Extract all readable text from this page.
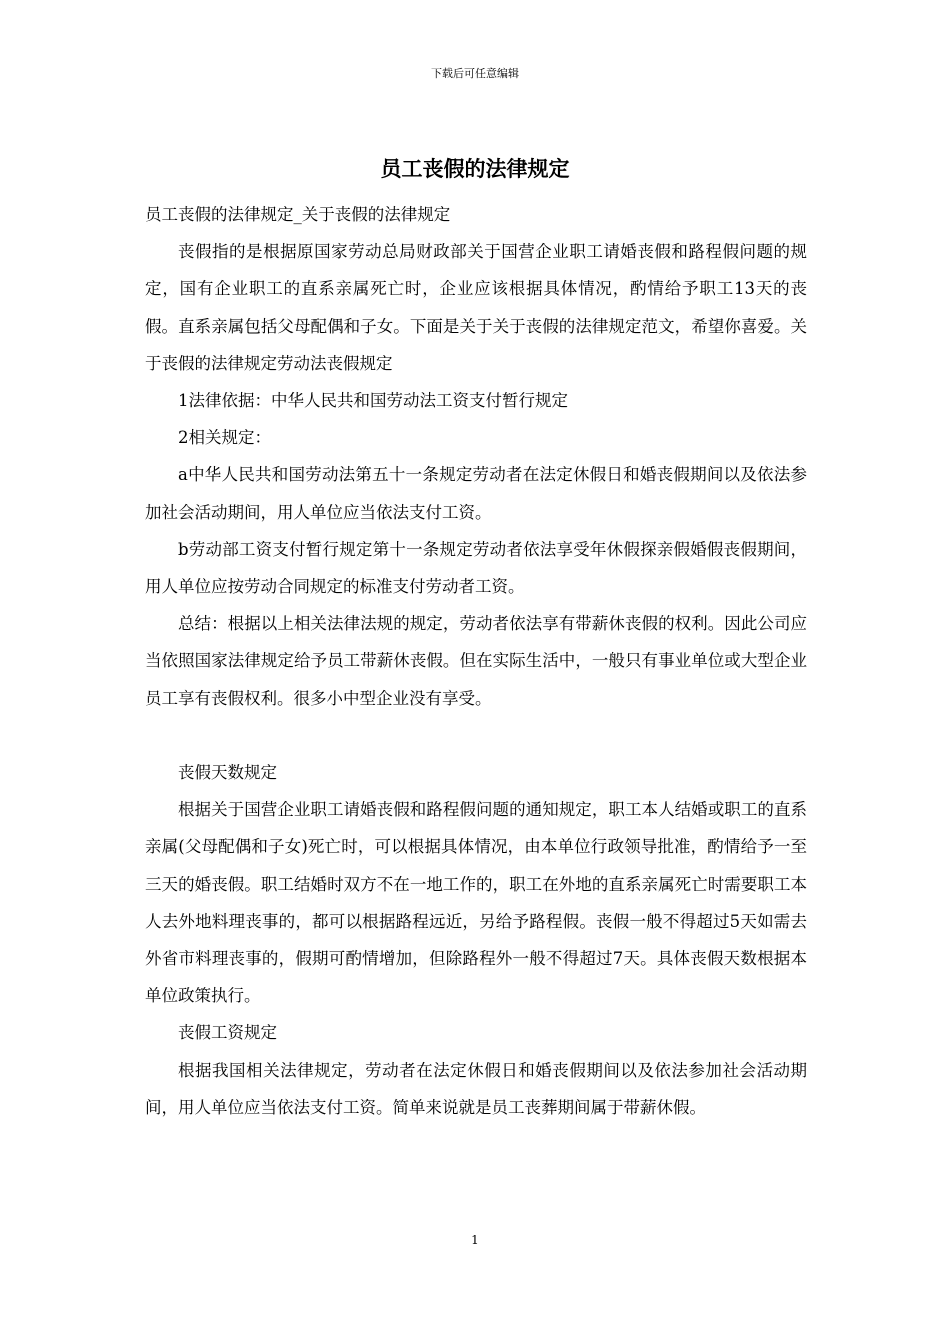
下载后可任意编辑
员工丧假的法律规定

员工丧假的法律规定_关于丧假的法律规定

丧假指的是根据原国家劳动总局财政部关于国营企业职工请婚丧假和路程假问题的规定，国有企业职工的直系亲属死亡时，企业应该根据具体情况，酌情给予职工13天的丧假。直系亲属包括父母配偶和子女。下面是关于关于丧假的法律规定范文，希望你喜爱。关于丧假的法律规定劳动法丧假规定

1法律依据：中华人民共和国劳动法工资支付暂行规定

2相关规定：

a中华人民共和国劳动法第五十一条规定劳动者在法定休假日和婚丧假期间以及依法参加社会活动期间，用人单位应当依法支付工资。

b劳动部工资支付暂行规定第十一条规定劳动者依法享受年休假探亲假婚假丧假期间，用人单位应按劳动合同规定的标准支付劳动者工资。

总结：根据以上相关法律法规的规定，劳动者依法享有带薪休丧假的权利。因此公司应当依照国家法律规定给予员工带薪休丧假。但在实际生活中，一般只有事业单位或大型企业员工享有丧假权利。很多小中型企业没有享受。

丧假天数规定

根据关于国营企业职工请婚丧假和路程假问题的通知规定，职工本人结婚或职工的直系亲属(父母配偶和子女)死亡时，可以根据具体情况，由本单位行政领导批准，酌情给予一至三天的婚丧假。职工结婚时双方不在一地工作的，职工在外地的直系亲属死亡时需要职工本人去外地料理丧事的，都可以根据路程远近，另给予路程假。丧假一般不得超过5天如需去外省市料理丧事的，假期可酌情增加，但除路程外一般不得超过7天。具体丧假天数根据本单位政策执行。

丧假工资规定

根据我国相关法律规定，劳动者在法定休假日和婚丧假期间以及依法参加社会活动期间，用人单位应当依法支付工资。简单来说就是员工丧葬期间属于带薪休假。

1
